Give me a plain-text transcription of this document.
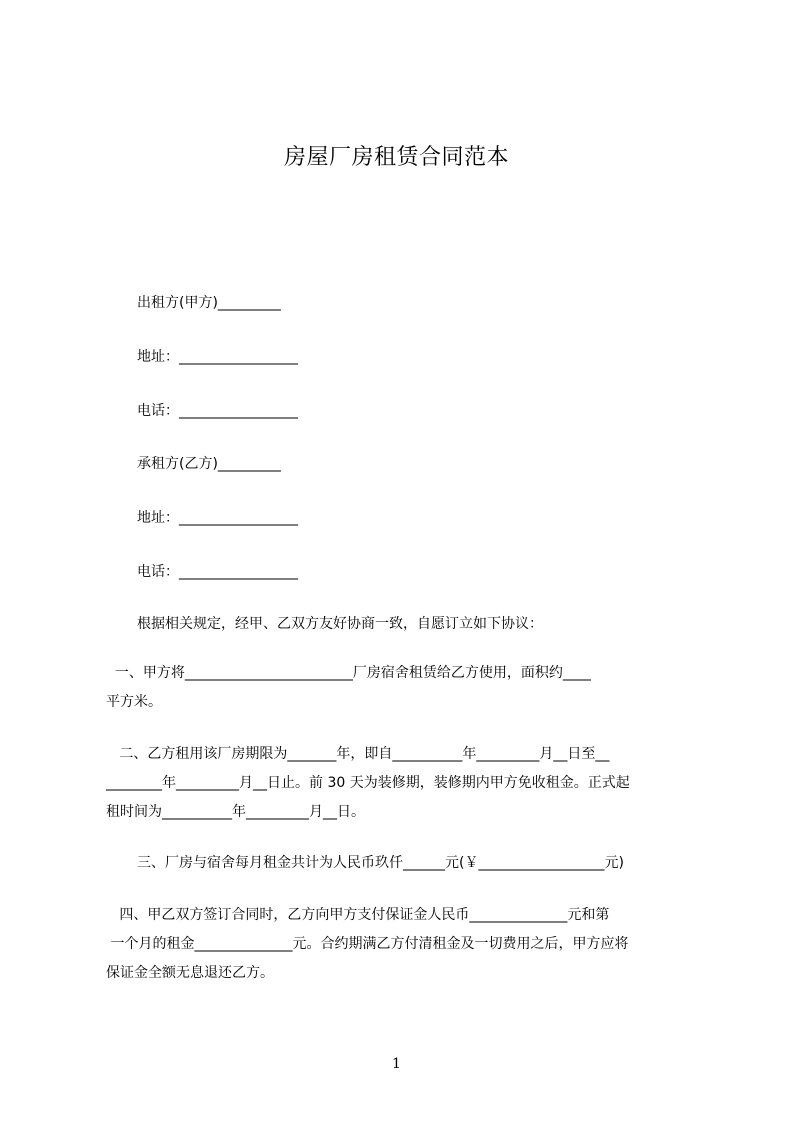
房屋厂房租赁合同范本
出租方(甲方)_________
地址：_________________
电话：_________________
承租方(乙方)_________
地址：_________________
电话：_________________
根据相关规定，经甲、乙双方友好协商一致，自愿订立如下协议：

一、甲方将________________________厂房宿舍租赁给乙方使用，面积约____

平方米。

二、乙方租用该厂房期限为_______年，即自__________年_________月__日至__

________年_________月__日止。前 30 天为装修期，装修期内甲方免收租金。正式起

租时间为__________年_________月__日。

三、厂房与宿舍每月租金共计为人民币玖仟______元(￥__________________元)

四、甲乙双方签订合同时，乙方向甲方支付保证金人民币______________元和第

一个月的租金______________元。合约期满乙方付清租金及一切费用之后，甲方应将

保证金全额无息退还乙方。

1
